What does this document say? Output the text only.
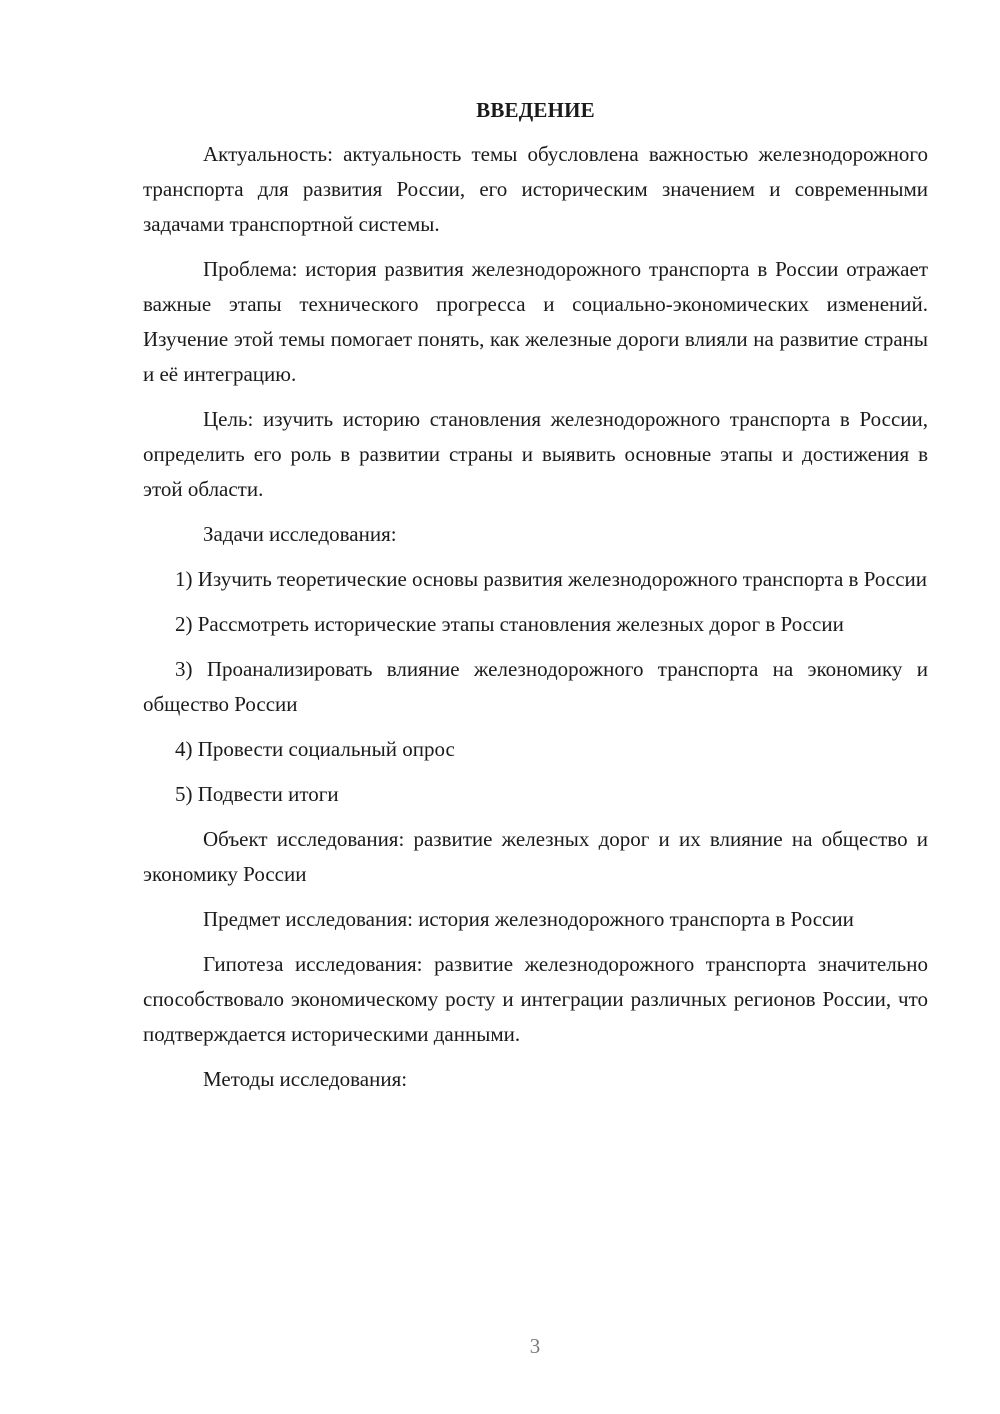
ВВЕДЕНИЕ

Актуальность: актуальность темы обусловлена важностью железнодорожного транспорта для развития России, его историческим значением и современными задачами транспортной системы.

Проблема: история развития железнодорожного транспорта в России отражает важные этапы технического прогресса и социально-экономических изменений. Изучение этой темы помогает понять, как железные дороги влияли на развитие страны и её интеграцию.

Цель: изучить историю становления железнодорожного транспорта в России, определить его роль в развитии страны и выявить основные этапы и достижения в этой области.

Задачи исследования:

1) Изучить теоретические основы развития железнодорожного транспорта в России

2) Рассмотреть исторические этапы становления железных дорог в России

3) Проанализировать влияние железнодорожного транспорта на экономику и общество России

4) Провести социальный опрос

5) Подвести итоги

Объект исследования: развитие железных дорог и их влияние на общество и экономику России

Предмет исследования: история железнодорожного транспорта в России

Гипотеза исследования: развитие железнодорожного транспорта значительно способствовало экономическому росту и интеграции различных регионов России, что подтверждается историческими данными.

Методы исследования:

3
